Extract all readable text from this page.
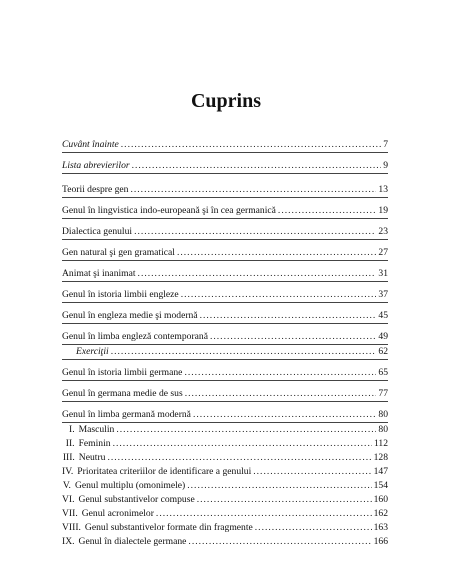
Cuprins
Cuvânt înainte .....	7
Lista abrevierilor .....	9
Teorii despre gen .....	13
Genul în lingvistica indo-europeană şi în cea germanică .....	19
Dialectica genului .....	23
Gen natural şi gen gramatical .....	27
Animat şi inanimat .....	31
Genul în istoria limbii engleze .....	37
Genul în engleza medie şi modernă .....	45
Genul în limba engleză contemporană .....	49
Exerciţii .....	62
Genul în istoria limbii germane .....	65
Genul în germana medie de sus .....	77
Genul în limba germană modernă .....	80
I. Masculin .....	80
II. Feminin .....	112
III. Neutru .....	128
IV. Prioritatea criteriilor de identificare a genului .....	147
V. Genul multiplu (omonimele) .....	154
VI. Genul substantivelor compuse .....	160
VII. Genul acronimelor .....	162
VIII. Genul substantivelor formate din fragmente .....	163
IX. Genul în dialectele germane .....	166
